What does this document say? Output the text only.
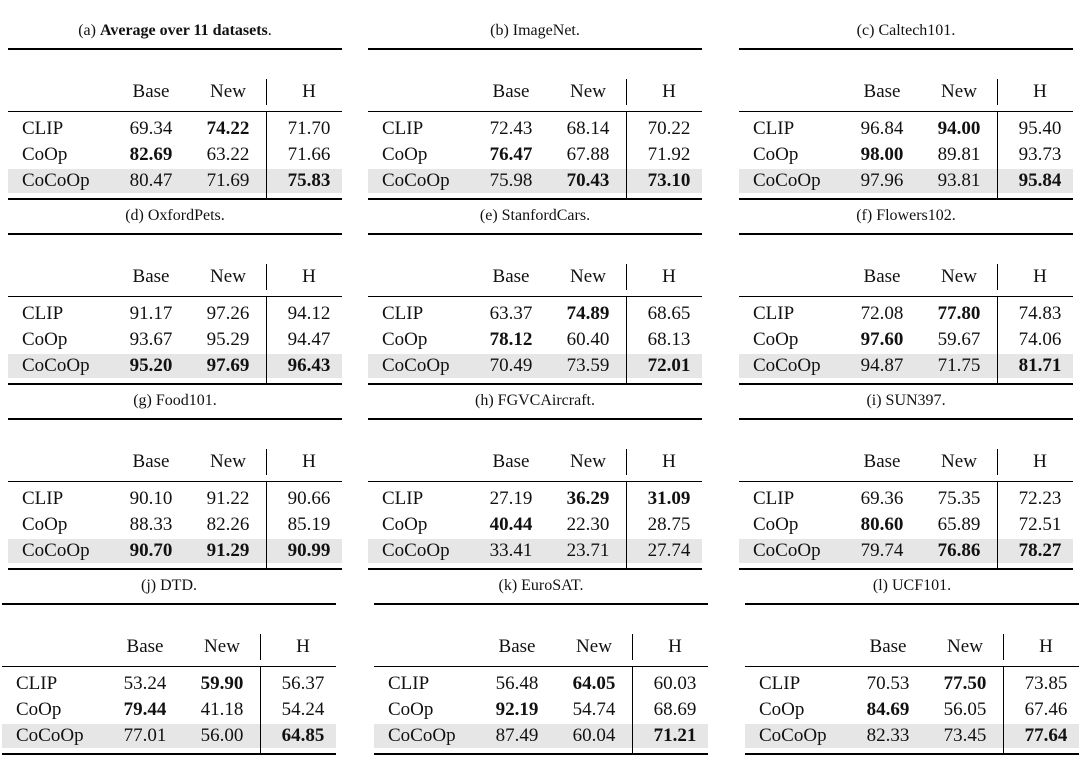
(a) Average over 11 datasets.
Base	New	H
CLIP	69.34	74.22	71.70
CoOp	82.69	63.22	71.66
CoCoOp	80.47	71.69	75.83
(b) ImageNet.
Base	New	H
CLIP	72.43	68.14	70.22
CoOp	76.47	67.88	71.92
CoCoOp	75.98	70.43	73.10
(c) Caltech101.
Base	New	H
CLIP	96.84	94.00	95.40
CoOp	98.00	89.81	93.73
CoCoOp	97.96	93.81	95.84
(d) OxfordPets.
Base	New	H
CLIP	91.17	97.26	94.12
CoOp	93.67	95.29	94.47
CoCoOp	95.20	97.69	96.43
(e) StanfordCars.
Base	New	H
CLIP	63.37	74.89	68.65
CoOp	78.12	60.40	68.13
CoCoOp	70.49	73.59	72.01
(f) Flowers102.
Base	New	H
CLIP	72.08	77.80	74.83
CoOp	97.60	59.67	74.06
CoCoOp	94.87	71.75	81.71
(g) Food101.
Base	New	H
CLIP	90.10	91.22	90.66
CoOp	88.33	82.26	85.19
CoCoOp	90.70	91.29	90.99
(h) FGVCAircraft.
Base	New	H
CLIP	27.19	36.29	31.09
CoOp	40.44	22.30	28.75
CoCoOp	33.41	23.71	27.74
(i) SUN397.
Base	New	H
CLIP	69.36	75.35	72.23
CoOp	80.60	65.89	72.51
CoCoOp	79.74	76.86	78.27
(j) DTD.
Base	New	H
CLIP	53.24	59.90	56.37
CoOp	79.44	41.18	54.24
CoCoOp	77.01	56.00	64.85
(k) EuroSAT.
Base	New	H
CLIP	56.48	64.05	60.03
CoOp	92.19	54.74	68.69
CoCoOp	87.49	60.04	71.21
(l) UCF101.
Base	New	H
CLIP	70.53	77.50	73.85
CoOp	84.69	56.05	67.46
CoCoOp	82.33	73.45	77.64
